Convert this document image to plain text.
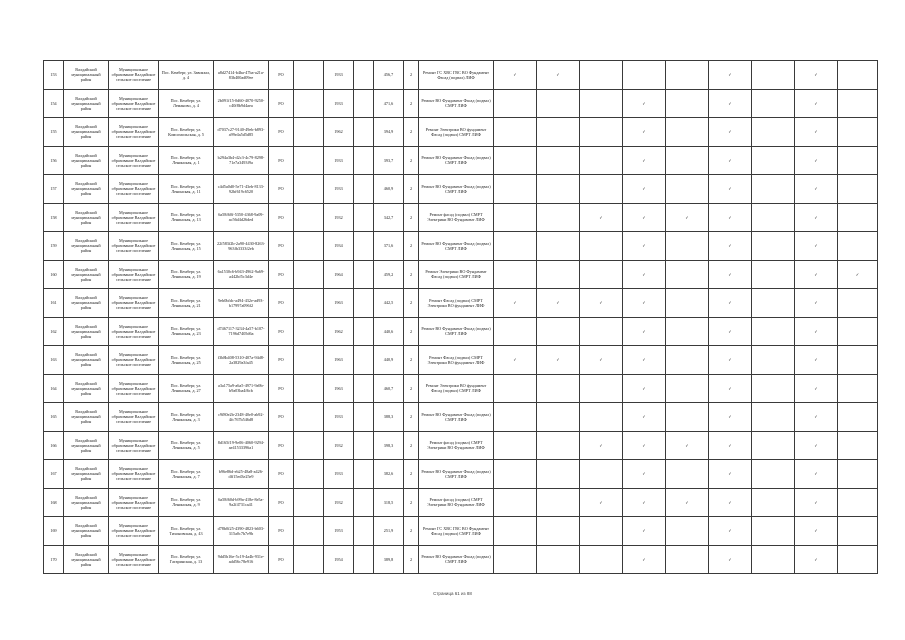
153	Валдайский муниципальный район	Муниципальное образование Валдайское сельское поселение	Пос. Кемберг, ул. Завокзал, д. 4	a8d27414-b4ba-47ba-a21a-83b400ad09ee	РО		1933		456,7	2	Ремонт ГС ХВС ГВС ВО Фундамент Фасад (подвал) ЛИФ	✓	✓				✓		✓	
154	Валдайский муниципальный район	Муниципальное образование Валдайское сельское поселение	Пос. Кемберг, ул. Леманово, д. 4	2b091f15-0d60-4070-9250-c40f8b9d4aea	РО		1933		471,6	2	Ремонт ВО Фундамент Фасад (подвал) СМРТ ЛИФ				✓		✓		✓	
155	Валдайский муниципальный район	Муниципальное образование Валдайское сельское поселение	Пос. Кемберг, ул. Комсомольская, д. 5	d7037c27-9140-49eb-b893-a99e4a5d5d85	РО		1962		394,9	2	Ремонт Электрики ВО фундамент Фасад (подвал) СМРТ ЛИФ				✓		✓		✓	
156	Валдайский муниципальный район	Муниципальное образование Валдайское сельское поселение	Пос. Кемберг, ул. Ленинская, д. 1	b294a3b4-d2c3-4c79-8298-71e7a3493f9a	РО		1933		393,7	2	Ремонт ВО Фундамент Фасад (подвал) СМРТ ЛИФ				✓		✓		✓	
157	Валдайский муниципальный район	Муниципальное образование Валдайское сельское поселение	Пос. Кемберг, ул. Ленинская, д. 11	c4d5a0d0-5e71-43eb-8133-92bf619c6520	РО		1933		460,9	2	Ремонт ВО Фундамент Фасад (подвал) СМРТ ЛИФ				✓		✓		✓	
158	Валдайский муниципальный район	Муниципальное образование Валдайское сельское поселение	Пос. Кемберг, ул. Ленинская, д. 13	6a58f60f-5350-4368-9a09-ac56d4d26ded	РО		1932		342,7	2	Ремонт фасад (подвал) СМРТ Электрики ВО Фундамент ЛИФ			✓	✓	✓	✓		✓	
159	Валдайский муниципальный район	Муниципальное образование Валдайское сельское поселение	Пос. Кемберг, ул. Ленинская, д. 15	22f583f2b-2a90-4430-8263-963fb3333f2eb	РО		1934		371,6	2	Ремонт ВО Фундамент Фасад (подвал) СМРТ ЛИФ				✓		✓		✓	
160	Валдайский муниципальный район	Муниципальное образование Валдайское сельское поселение	Пос. Кемберг, ул. Ленинская, д. 19	6a1530c6-b943-4962-9a69-a442bf5c3d4e	РО		1964		459,2	2	Ремонт Электрики ВО Фундамент Фасад (подвал) СМРТ ЛИФ				✓		✓		✓	✓
161	Валдайский муниципальный район	Муниципальное образование Валдайское сельское поселение	Пос. Кемберг, ул. Ленинская, д. 21	9eb0bfdc-a494-432e-ad93-b17997a096f2	РО		1963		442,5	2	Ремонт Фасад (подвал) СМРТ Электрики ВО фундамент ЛИФ	✓	✓	✓	✓		✓		✓	
162	Валдайский муниципальный район	Муниципальное образование Валдайское сельское поселение	Пос. Кемберг, ул. Ленинская, д. 23	d7467117-3234-4a57-b107-7196d7405d6a	РО		1962		440,6	2	Ремонт ВО Фундамент Фасад (подвал) СМРТ ЛИФ				✓		✓		✓	
163	Валдайский муниципальный район	Муниципальное образование Валдайское сельское поселение	Пос. Кемберг, ул. Ленинская, д. 25	f3b8b408-5310-407a-94d8-2a3829a3fa45	РО		1963		440,9	2	Ремонт Фасад (подвал) СМРТ Электрики ВО фундамент ЛИФ	✓	✓	✓	✓		✓		✓	
164	Валдайский муниципальный район	Муниципальное образование Валдайское сельское поселение	Пос. Кемберг, ул. Ленинская, д. 27	a3a175a9-a6a5-4971-9a9b-b9a03ba4f6cb	РО		1963		460,7	2	Ремонт Электрики ВО фундамент Фасад (подвал) СМРТ ЛИФ				✓		✓		✓	
165	Валдайский муниципальный район	Муниципальное образование Валдайское сельское поселение	Пос. Кемберг, ул. Ленинская, д. 3	c9f80e2b-2348-40e0-ab92-4fc767b546d8	РО		1933		388,3	2	Ремонт ВО Фундамент Фасад (подвал) СМРТ ЛИФ				✓		✓		✓	
166	Валдайский муниципальный район	Муниципальное образование Валдайское сельское поселение	Пос. Кемберг, ул. Ленинская, д. 5	8d165f19-9e06-4060-9294-ae41533396a1	РО		1932		398,3	2	Ремонт фасад (подвал) СМРТ Электрики ВО Фундамент ЛИФ			✓	✓	✓	✓		✓	
167	Валдайский муниципальный район	Муниципальное образование Валдайское сельское поселение	Пос. Кемберг, ул. Ленинская, д. 7	b96e86d-eb25-48a8-a426-dff15ed3e25e9	РО		1933		382,6	2	Ремонт ВО Фундамент Фасад (подвал) СМРТ ЛИФ				✓		✓		✓	
168	Валдайский муниципальный район	Муниципальное образование Валдайское сельское поселение	Пос. Кемберг, ул. Ленинская, д. 9	6a58f60d-b99a-418e-8e5a-9a2f4731ca41	РО		1932		318,5	2	Ремонт фасад (подвал) СМРТ Электрики ВО Фундамент ЛИФ			✓	✓	✓	✓		✓	
169	Валдайский муниципальный район	Муниципальное образование Валдайское сельское поселение	Пос. Кемберг, ул. Тихоновская, д. 43	d78b0f25-4390-4823-b603-315a0c7b7e9b	РО		1953		251,9	2	Ремонт ГС ХВС ГВС ВО Фундамент Фасад (подвал) СМРТ ЛИФ				✓		✓		✓	
170	Валдайский муниципальный район	Муниципальное образование Валдайское сельское поселение	Пос. Кемберг, ул. Гагаринская, д. 13	9dd5b16e-5c19-4a4b-931e-add56c78e916	РО		1954		389,8	2	Ремонт ВО Фундамент Фасад (подвал) СМРТ ЛИФ				✓		✓		✓	
Страница 61 из 88
